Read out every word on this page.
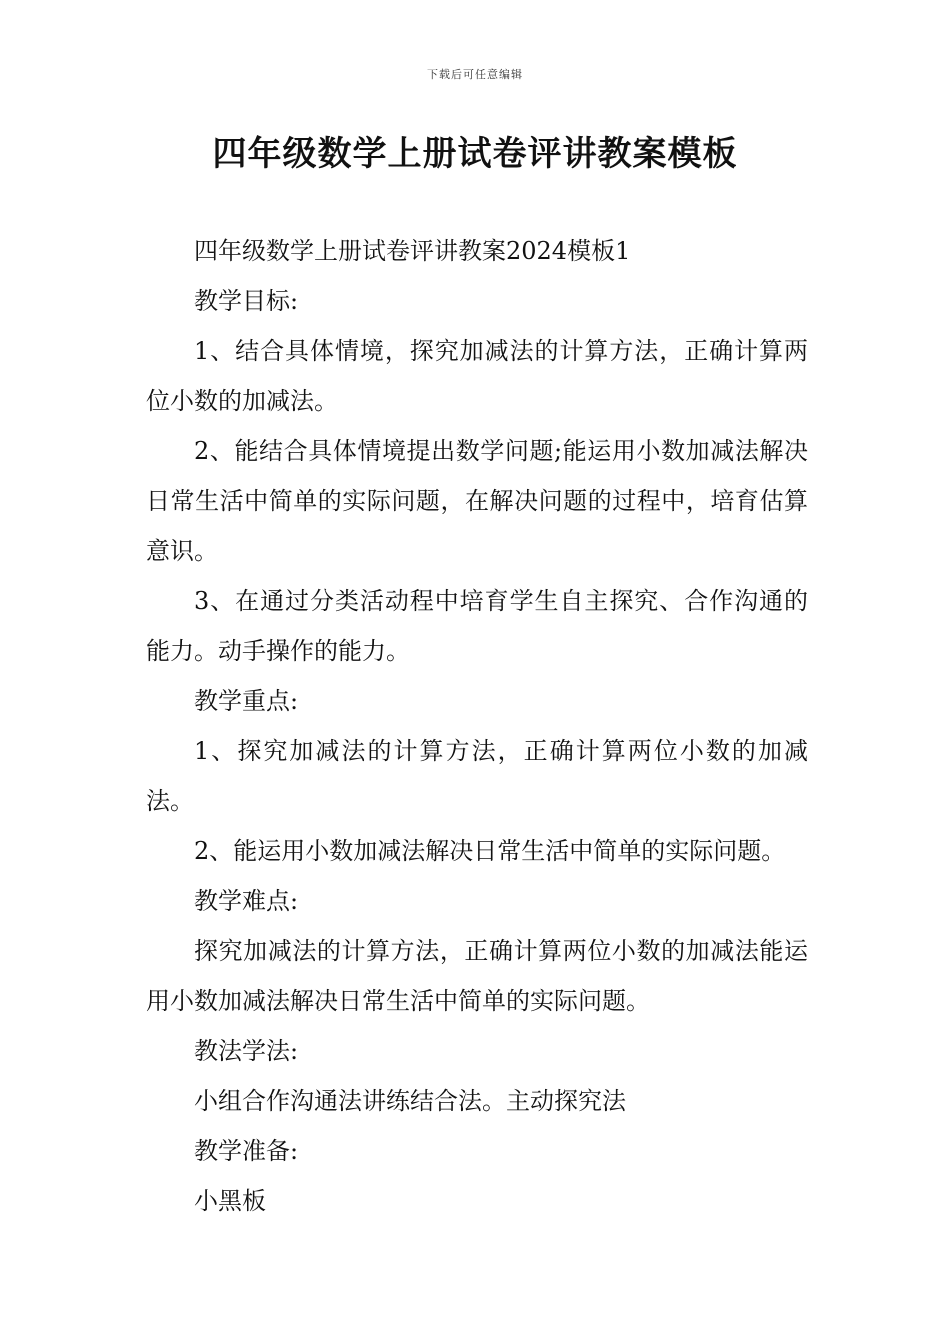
下载后可任意编辑
四年级数学上册试卷评讲教案模板

四年级数学上册试卷评讲教案2024模板1

教学目标:

1、结合具体情境，探究加减法的计算方法，正确计算两位小数的加减法。

2、能结合具体情境提出数学问题;能运用小数加减法解决日常生活中简单的实际问题，在解决问题的过程中，培育估算意识。

3、在通过分类活动程中培育学生自主探究、合作沟通的能力。动手操作的能力。

教学重点:

1、探究加减法的计算方法，正确计算两位小数的加减法。

2、能运用小数加减法解决日常生活中简单的实际问题。

教学难点:

探究加减法的计算方法，正确计算两位小数的加减法能运用小数加减法解决日常生活中简单的实际问题。

教法学法:

小组合作沟通法讲练结合法。主动探究法

教学准备:

小黑板
